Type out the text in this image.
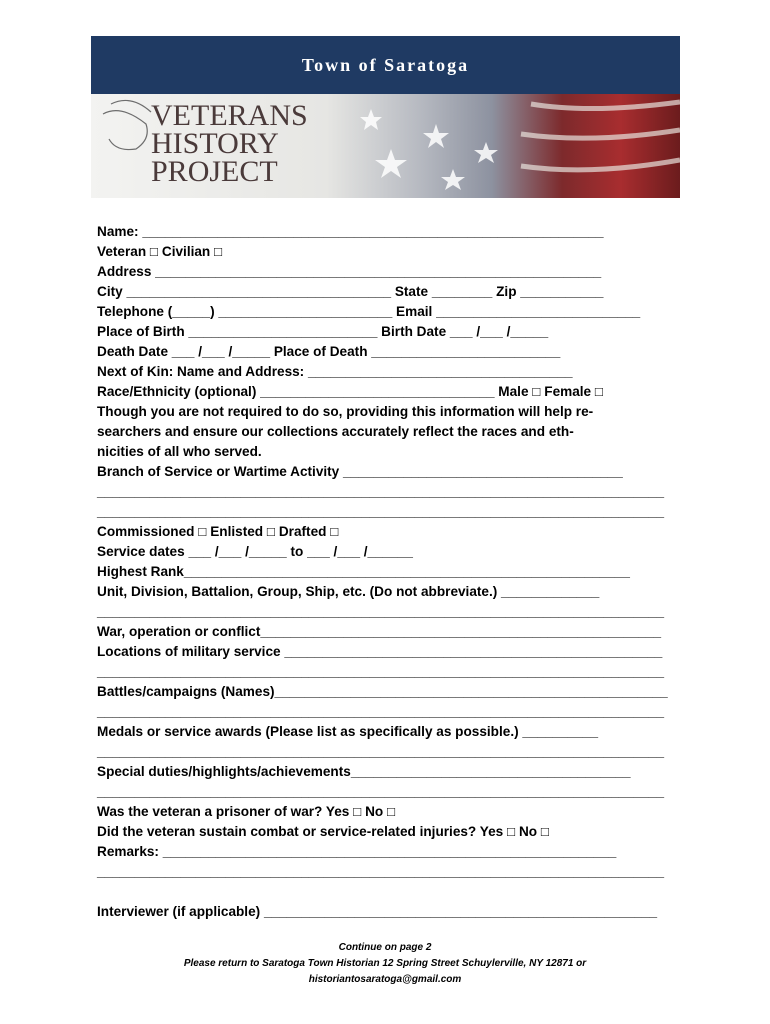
Town of Saratoga
VETERANS
HISTORY
PROJECT
Name: _____________________________________________________________
Veteran □ Civilian □
Address ___________________________________________________________
City ___________________________________ State ________ Zip ___________
Telephone (_____) _______________________ Email ___________________________
Place of Birth _________________________ Birth Date ___ /___ /_____
Death Date ___ /___ /_____ Place of Death _________________________
Next of Kin: Name and Address: ___________________________________
Race/Ethnicity (optional) _______________________________ Male □ Female □
Though you are not required to do so, providing this information will help re-
searchers and ensure our collections accurately reflect the races and eth-
nicities of all who served.
Branch of Service or Wartime Activity _____________________________________
___________________________________________________________________________
___________________________________________________________________________
Commissioned □ Enlisted □ Drafted □
Service dates ___ /___ /_____ to ___ /___ /______
Highest Rank___________________________________________________________
Unit, Division, Battalion, Group, Ship, etc. (Do not abbreviate.) _____________
___________________________________________________________________________
War, operation or conflict_____________________________________________________
Locations of military service __________________________________________________
___________________________________________________________________________
Battles/campaigns (Names)____________________________________________________
___________________________________________________________________________
Medals or service awards (Please list as specifically as possible.) __________
___________________________________________________________________________
Special duties/highlights/achievements_____________________________________
___________________________________________________________________________
Was the veteran a prisoner of war? Yes □ No □
Did the veteran sustain combat or service-related injuries? Yes □ No □
Remarks: ____________________________________________________________
___________________________________________________________________________
Interviewer (if applicable) ____________________________________________________
Continue on page 2
Please return to Saratoga Town Historian 12 Spring Street Schuylerville, NY 12871 or
historiantosaratoga@gmail.com
